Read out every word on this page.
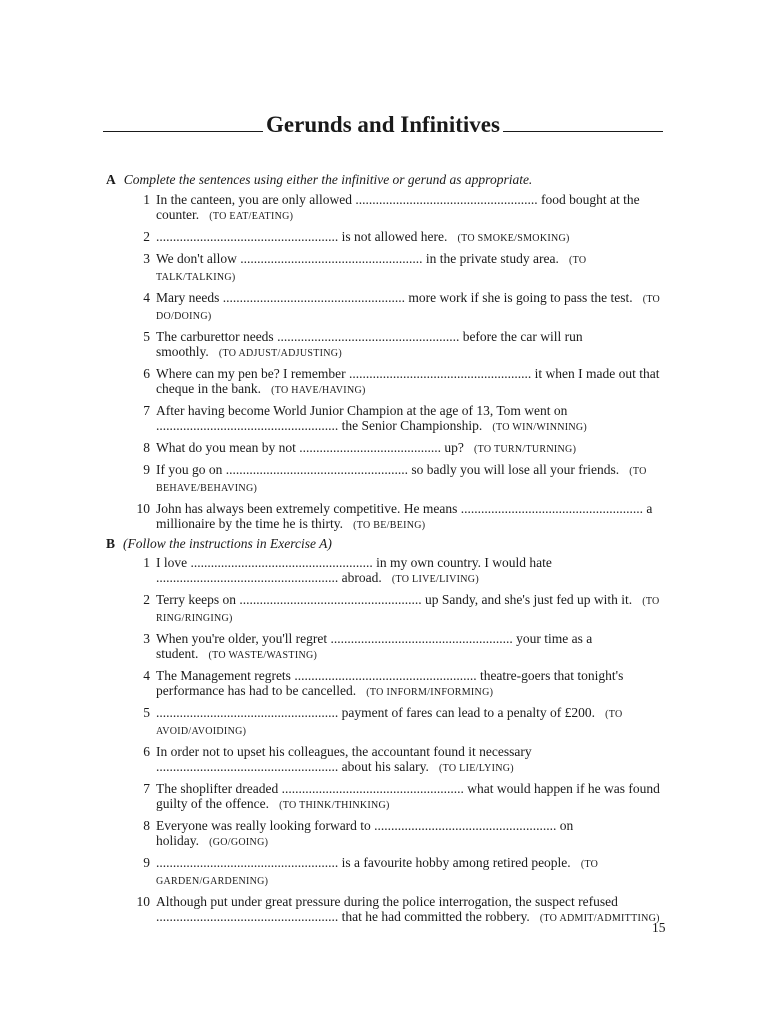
Gerunds and Infinitives
A Complete the sentences using either the infinitive or gerund as appropriate.
1 In the canteen, you are only allowed ...................................................... food bought at the counter. (TO EAT/EATING)
2 ...................................................... is not allowed here. (TO SMOKE/SMOKING)
3 We don't allow ...................................................... in the private study area. (TO TALK/TALKING)
4 Mary needs ...................................................... more work if she is going to pass the test. (TO DO/DOING)
5 The carburettor needs ...................................................... before the car will run smoothly. (TO ADJUST/ADJUSTING)
6 Where can my pen be? I remember ...................................................... it when I made out that cheque in the bank. (TO HAVE/HAVING)
7 After having become World Junior Champion at the age of 13, Tom went on ...................................................... the Senior Championship. (TO WIN/WINNING)
8 What do you mean by not .......................................... up? (TO TURN/TURNING)
9 If you go on ...................................................... so badly you will lose all your friends. (TO BEHAVE/BEHAVING)
10 John has always been extremely competitive. He means ...................................................... a millionaire by the time he is thirty. (TO BE/BEING)
B (Follow the instructions in Exercise A)
1 I love ...................................................... in my own country. I would hate ...................................................... abroad. (TO LIVE/LIVING)
2 Terry keeps on ...................................................... up Sandy, and she's just fed up with it. (TO RING/RINGING)
3 When you're older, you'll regret ...................................................... your time as a student. (TO WASTE/WASTING)
4 The Management regrets ...................................................... theatre-goers that tonight's performance has had to be cancelled. (TO INFORM/INFORMING)
5 ...................................................... payment of fares can lead to a penalty of £200. (TO AVOID/AVOIDING)
6 In order not to upset his colleagues, the accountant found it necessary ...................................................... about his salary. (TO LIE/LYING)
7 The shoplifter dreaded ...................................................... what would happen if he was found guilty of the offence. (TO THINK/THINKING)
8 Everyone was really looking forward to ...................................................... on holiday. (GO/GOING)
9 ...................................................... is a favourite hobby among retired people. (TO GARDEN/GARDENING)
10 Although put under great pressure during the police interrogation, the suspect refused ...................................................... that he had committed the robbery. (TO ADMIT/ADMITTING)
15
